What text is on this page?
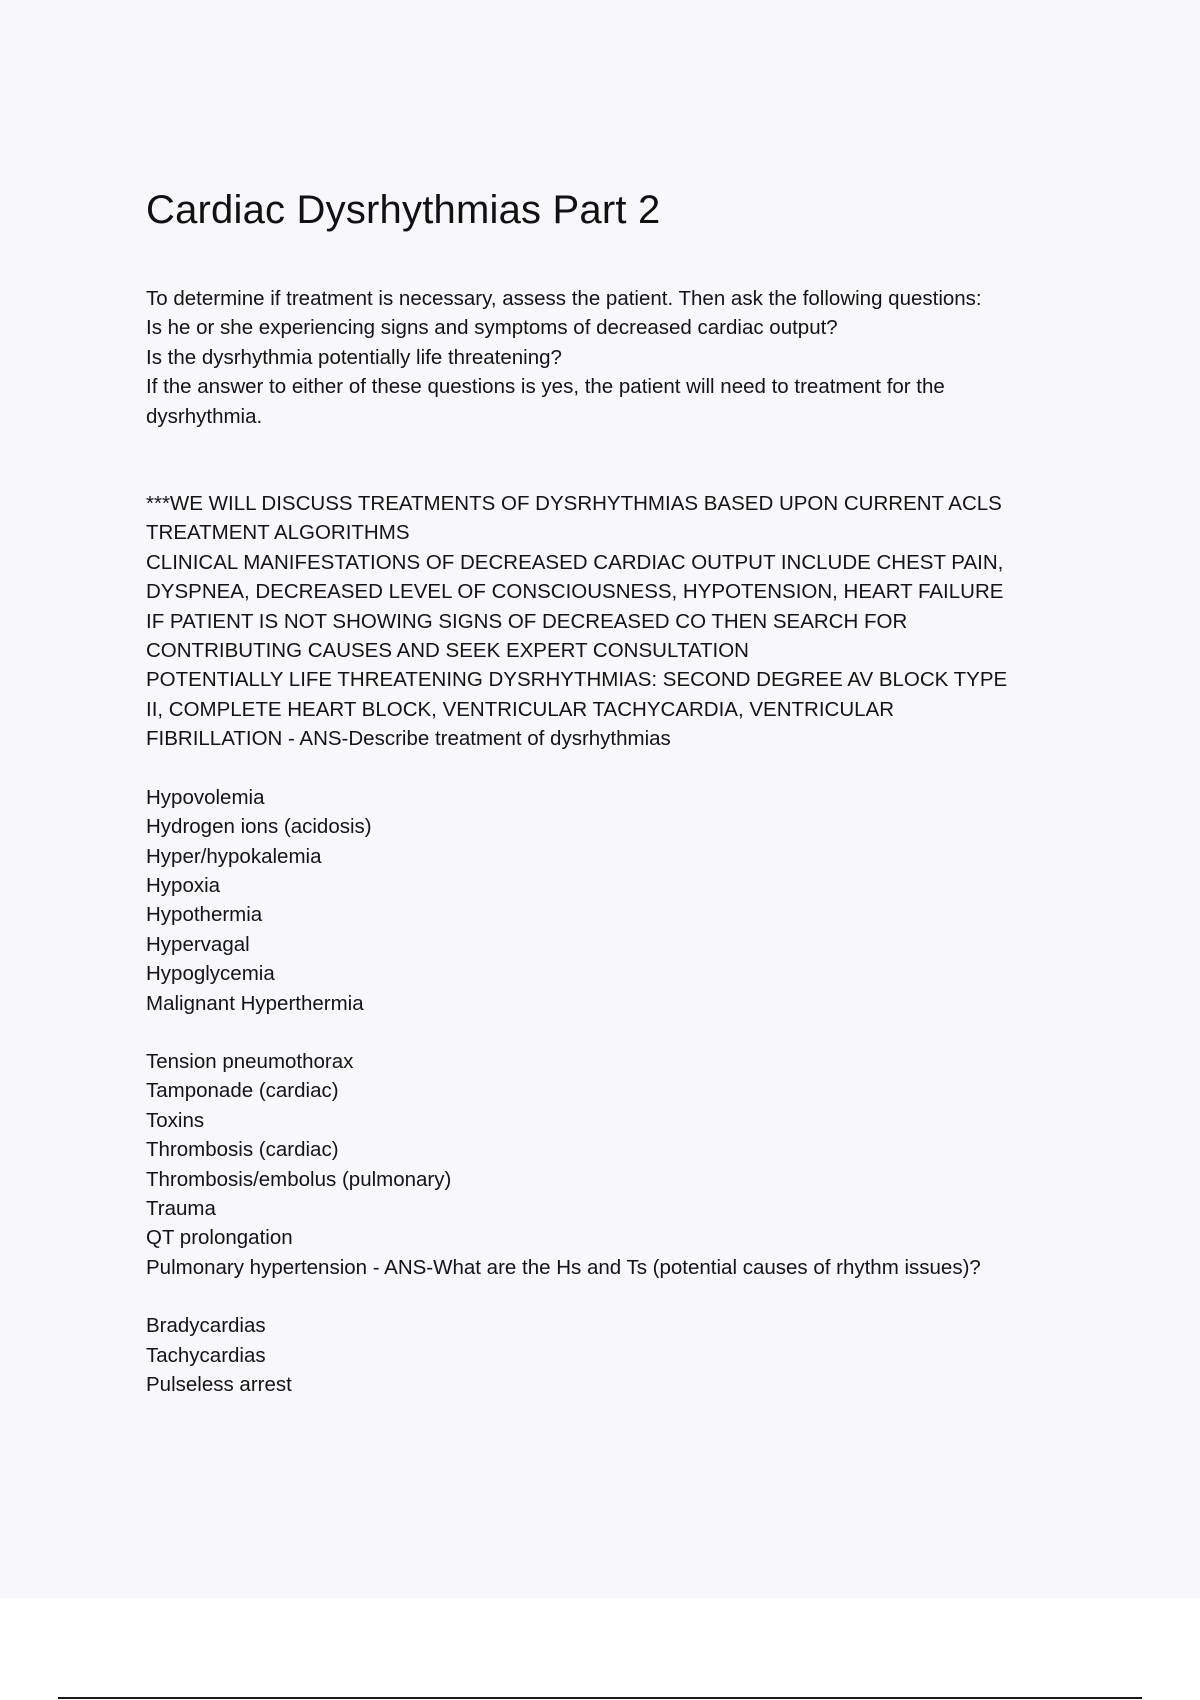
Cardiac Dysrhythmias Part 2

To determine if treatment is necessary, assess the patient. Then ask the following questions:
Is he or she experiencing signs and symptoms of decreased cardiac output?
Is the dysrhythmia potentially life threatening?
If the answer to either of these questions is yes, the patient will need to treatment for the
dysrhythmia.

***WE WILL DISCUSS TREATMENTS OF DYSRHYTHMIAS BASED UPON CURRENT ACLS
TREATMENT ALGORITHMS
CLINICAL MANIFESTATIONS OF DECREASED CARDIAC OUTPUT INCLUDE CHEST PAIN,
DYSPNEA, DECREASED LEVEL OF CONSCIOUSNESS, HYPOTENSION, HEART FAILURE
IF PATIENT IS NOT SHOWING SIGNS OF DECREASED CO THEN SEARCH FOR
CONTRIBUTING CAUSES AND SEEK EXPERT CONSULTATION
POTENTIALLY LIFE THREATENING DYSRHYTHMIAS: SECOND DEGREE AV BLOCK TYPE
II, COMPLETE HEART BLOCK, VENTRICULAR TACHYCARDIA, VENTRICULAR
FIBRILLATION - ANS-Describe treatment of dysrhythmias

Hypovolemia
Hydrogen ions (acidosis)
Hyper/hypokalemia
Hypoxia
Hypothermia
Hypervagal
Hypoglycemia
Malignant Hyperthermia

Tension pneumothorax
Tamponade (cardiac)
Toxins
Thrombosis (cardiac)
Thrombosis/embolus (pulmonary)
Trauma
QT prolongation
Pulmonary hypertension - ANS-What are the Hs and Ts (potential causes of rhythm issues)?

Bradycardias
Tachycardias
Pulseless arrest
